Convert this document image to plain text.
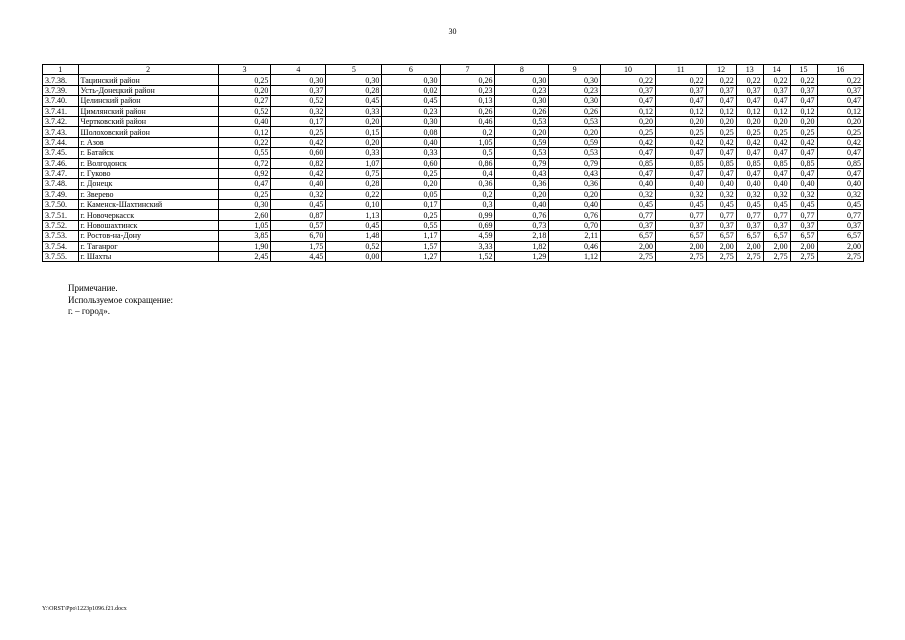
30
1	2	3	4	5	6	7	8	9	10	11	12	13	14	15	16
3.7.38.	Тацинский район	0,25	0,30	0,30	0,30	0,26	0,30	0,30	0,22	0,22	0,22	0,22	0,22	0,22	0,22
3.7.39.	Усть-Донецкий район	0,20	0,37	0,28	0,02	0,23	0,23	0,23	0,37	0,37	0,37	0,37	0,37	0,37	0,37
3.7.40.	Целинский район	0,27	0,52	0,45	0,45	0,13	0,30	0,30	0,47	0,47	0,47	0,47	0,47	0,47	0,47
3.7.41.	Цимлянский район	0,52	0,32	0,33	0,23	0,26	0,26	0,26	0,12	0,12	0,12	0,12	0,12	0,12	0,12
3.7.42.	Чертковский район	0,40	0,17	0,20	0,30	0,46	0,53	0,53	0,20	0,20	0,20	0,20	0,20	0,20	0,20
3.7.43.	Шолоховский район	0,12	0,25	0,15	0,08	0,2	0,20	0,20	0,25	0,25	0,25	0,25	0,25	0,25	0,25
3.7.44.	г. Азов	0,22	0,42	0,20	0,40	1,05	0,59	0,59	0,42	0,42	0,42	0,42	0,42	0,42	0,42
3.7.45.	г. Батайск	0,55	0,60	0,33	0,33	0,5	0,53	0,53	0,47	0,47	0,47	0,47	0,47	0,47	0,47
3.7.46.	г. Волгодонск	0,72	0,82	1,07	0,60	0,86	0,79	0,79	0,85	0,85	0,85	0,85	0,85	0,85	0,85
3.7.47.	г. Гуково	0,92	0,42	0,75	0,25	0,4	0,43	0,43	0,47	0,47	0,47	0,47	0,47	0,47	0,47
3.7.48.	г. Донецк	0,47	0,40	0,28	0,20	0,36	0,36	0,36	0,40	0,40	0,40	0,40	0,40	0,40	0,40
3.7.49.	г. Зверево	0,25	0,32	0,22	0,05	0,2	0,20	0,20	0,32	0,32	0,32	0,32	0,32	0,32	0,32
3.7.50.	г. Каменск-Шахтинский	0,30	0,45	0,10	0,17	0,3	0,40	0,40	0,45	0,45	0,45	0,45	0,45	0,45	0,45
3.7.51.	г. Новочеркасск	2,60	0,87	1,13	0,25	0,99	0,76	0,76	0,77	0,77	0,77	0,77	0,77	0,77	0,77
3.7.52.	г. Новошахтинск	1,05	0,57	0,45	0,55	0,69	0,73	0,70	0,37	0,37	0,37	0,37	0,37	0,37	0,37
3.7.53.	г. Ростов-на-Дону	3,85	6,70	1,48	1,17	4,59	2,18	2,11	6,57	6,57	6,57	6,57	6,57	6,57	6,57
3.7.54.	г. Таганрог	1,90	1,75	0,52	1,57	3,33	1,82	0,46	2,00	2,00	2,00	2,00	2,00	2,00	2,00
3.7.55.	г. Шахты	2,45	4,45	0,00	1,27	1,52	1,29	1,12	2,75	2,75	2,75	2,75	2,75	2,75	2,75
Примечание.
Используемое сокращение:
г. – город».
Y:\ORST\Ppo\1223p1096.f21.docx
